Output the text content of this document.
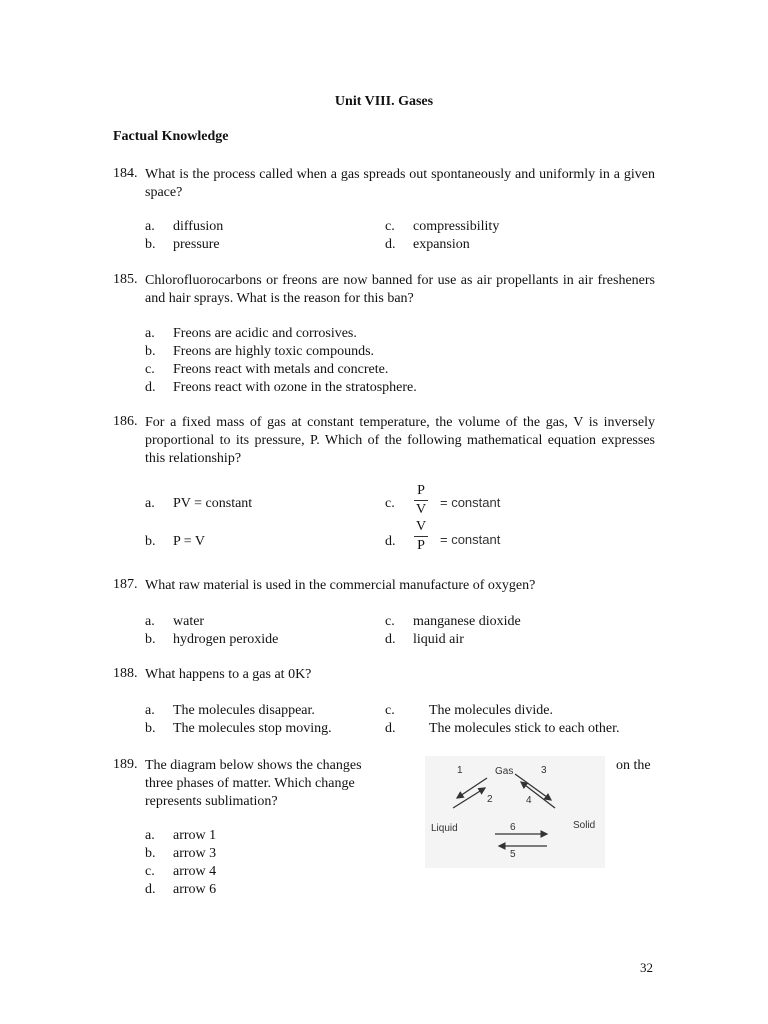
Unit VIII. Gases
Factual Knowledge
184. What is the process called when a gas spreads out spontaneously and uniformly in a given space?
a. diffusion
b. pressure
c. compressibility
d. expansion
185. Chlorofluorocarbons or freons are now banned for use as air propellants in air fresheners and hair sprays. What is the reason for this ban?
a. Freons are acidic and corrosives.
b. Freons are highly toxic compounds.
c. Freons react with metals and concrete.
d. Freons react with ozone in the stratosphere.
186. For a fixed mass of gas at constant temperature, the volume of the gas, V is inversely proportional to its pressure, P. Which of the following mathematical equation expresses this relationship?
a. PV = constant
b. P = V
c.
P
V = constant
d.
V
P = constant
187. What raw material is used in the commercial manufacture of oxygen?
a. water
b. hydrogen peroxide
c. manganese dioxide
d. liquid air
188. What happens to a gas at 0K?
a. The molecules disappear.
b. The molecules stop moving.
c. The molecules divide.
d. The molecules stick to each other.
189. The diagram below shows the changes three phases of matter. Which change represents sublimation?
on the
a. arrow 1
b. arrow 3
c. arrow 4
d. arrow 6
Gas
Liquid	Solid
1
2
3
4
5
6
32
